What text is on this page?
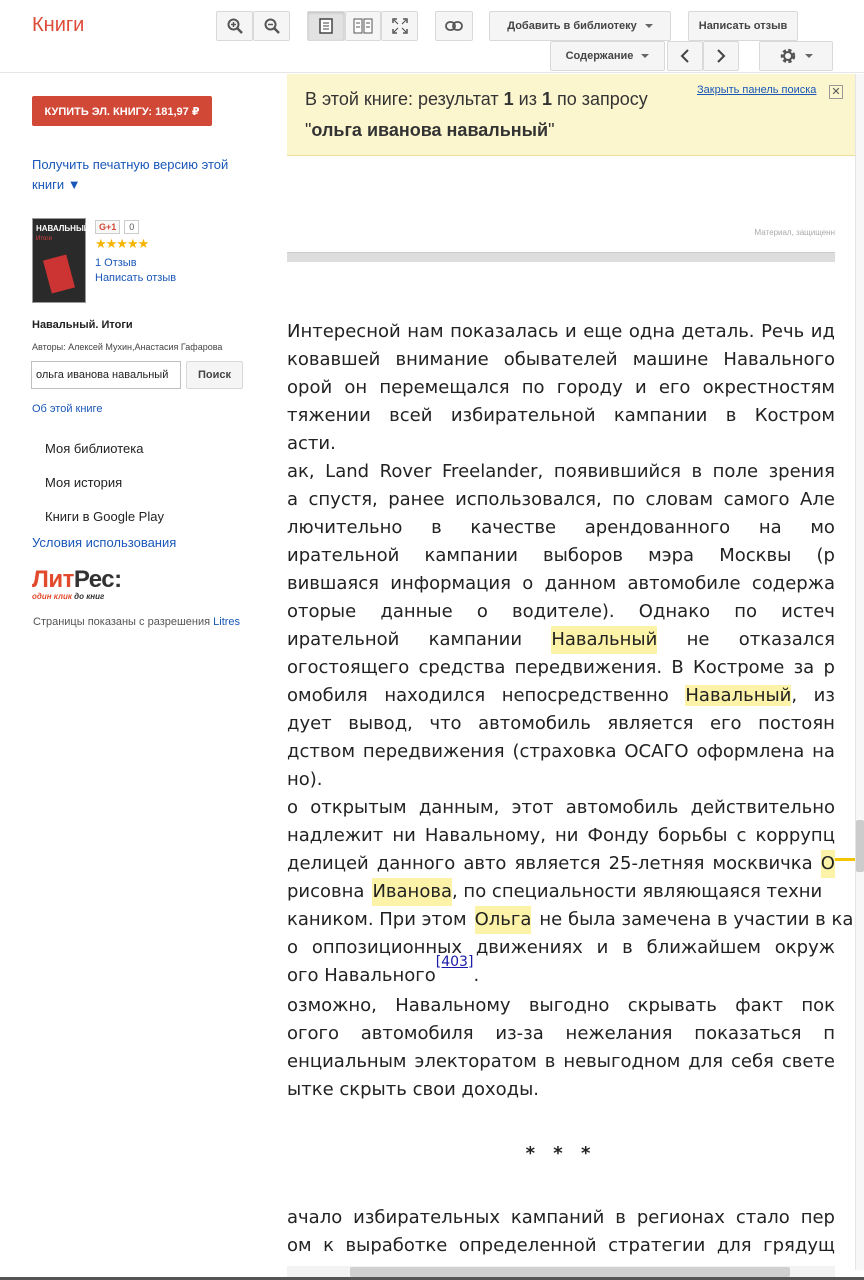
Книги	Добавить в библиотеку	Написать отзыв
Содержание
КУПИТЬ ЭЛ. КНИГУ: 181,97 ₽
Получить печатную версию этой
книги ▼
НАВАЛЬНЫЙ
Итоги
G+1	0
★★★★★
1 Отзыв
Написать отзыв
Навальный. Итоги
Авторы: Алексей Мухин,Анастасия Гафарова
ольга иванова навальный
Поиск
Об этой книге
Моя библиотека
Моя история
Книги в Google Play
Условия использования
ЛитРес:
один клик до книг
Страницы показаны с разрешения Litres
В этой книге: результат 1 из 1 по запросу "ольга иванова навальный"
Закрыть панель поиска ✕
Материал, защищенн
Интересной нам показалась и еще одна деталь. Речь ид
ковавшей внимание обывателей машине Навального
орой он перемещался по городу и его окрестностям
тяжении всей избирательной кампании в Костром
асти.
ак, Land Rover Freelander, появившийся в поле зрения
а спустя, ранее использовался, по словам самого Але
лючительно в качестве арендованного на мо
ирательной кампании выборов мэра Москвы (р
вившаяся информация о данном автомобиле содержа
оторые данные о водителе). Однако по истеч
ирательной кампании Навальный не отказался
огостоящего средства передвижения. В Костроме за р
омобиля находился непосредственно Навальный, из
дует вывод, что автомобиль является его постоян
дством передвижения (страховка ОСАГО оформлена на
но).
о открытым данным, этот автомобиль действительно
надлежит ни Навальному, ни Фонду борьбы с коррупц
делицей данного авто является 25-летняя москвичка О
рисовна Иванова , по специальности являющаяся техни
каником. При этом Ольга не была замечена в участии в ка
о оппозиционных движениях и в ближайшем окруж
ого Навального
[403]
.
озможно, Навальному выгодно скрывать факт пок
огого автомобиля из-за нежелания показаться п
енциальным электоратом в невыгодном для себя свете
ытке скрыть свои доходы.
* * *
ачало избирательных кампаний в регионах стало пер
ом к выработке определенной стратегии для грядущ
